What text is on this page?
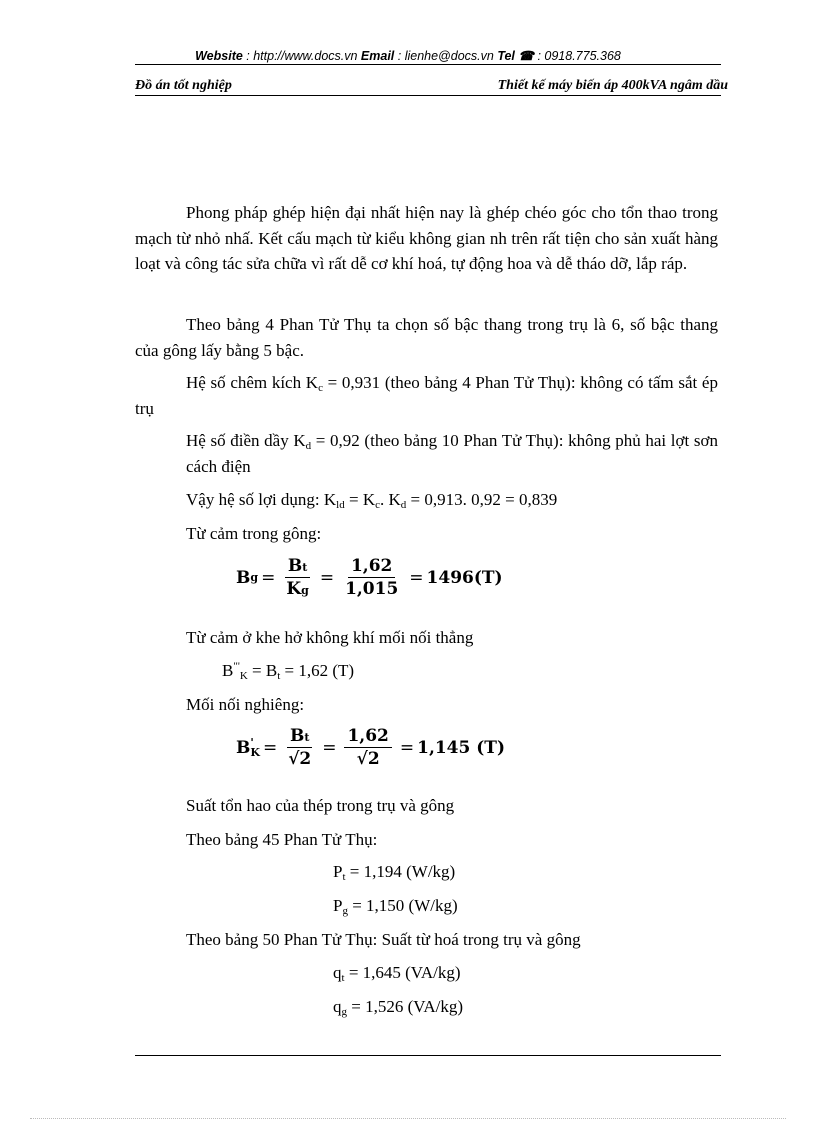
Website : http://www.docs.vn Email : lienhe@docs.vn Tel ☎ : 0918.775.368
Đồ án tốt nghiệp	Thiết kế máy biến áp 400kVA ngâm dầu

Phong pháp ghép hiện đại nhất hiện nay là ghép chéo góc cho tổn thao trong mạch từ nhỏ nhấ. Kết cấu mạch từ kiểu không gian nh trên rất tiện cho sản xuất hàng loạt và công tác sửa chữa vì rất dễ cơ khí hoá, tự động hoa và dễ tháo dỡ, lắp ráp.

Theo bảng 4 Phan Tử Thụ ta chọn số bậc thang trong trụ là 6, số bậc thang của gông lấy bằng 5 bậc.

Hệ số chêm kích $K_c = 0,931$ (theo bảng 4 Phan Tử Thụ): không có tấm sắt ép trụ

Hệ số điền dầy $K_d = 0,92$ (theo bảng 10 Phan Tử Thụ): không phủ hai lợt sơn cách điện

Vậy hệ số lợi dụng: $K_{ld} = K_c$. $K_d = 0,913$. 0,92 = 0,839
Từ cảm trong gông:
B $g = \frac{Bt}{Kg} = \frac{1,62}{1,015} = 1496(T)$
Từ cảm ở khe hở không khí mối nối thẳng
$B^{"'}_K = B_t = 1,62$ (T)
Mối nối nghiêng:
B '
$K = \frac{Bt}{√2} = \frac{1,62}{√2} = 1,145$ (T)
Suất tổn hao của thép trong trụ và gông
Theo bảng 45 Phan Tử Thụ:
$P_t = 1,194$ (W/kg)
$P_g = 1,150$ (W/kg)
Theo bảng 50 Phan Tử Thụ: Suất từ hoá trong trụ và gông
$q_t = 1,645$ (VA/kg)
$q_g = 1,526$ (VA/kg)
